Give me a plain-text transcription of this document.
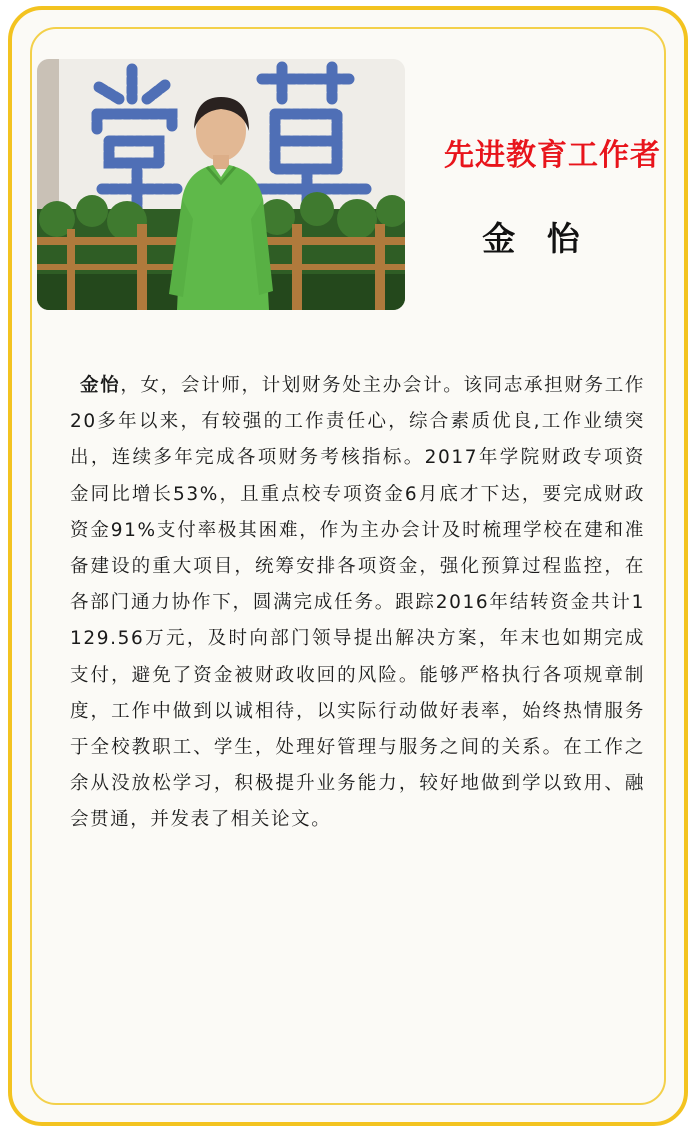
先进教育工作者
金 怡

金怡，女，会计师，计划财务处主办会计。该同志承担财务工作20多年以来，有较强的工作责任心，综合素质优良,工作业绩突出，连续多年完成各项财务考核指标。2017年学院财政专项资金同比增长53%，且重点校专项资金6月底才下达，要完成财政资金91%支付率极其困难，作为主办会计及时梳理学校在建和准备建设的重大项目，统筹安排各项资金，强化预算过程监控，在各部门通力协作下，圆满完成任务。跟踪2016年结转资金共计1129.56万元，及时向部门领导提出解决方案，年末也如期完成支付，避免了资金被财政收回的风险。能够严格执行各项规章制度，工作中做到以诚相待，以实际行动做好表率，始终热情服务于全校教职工、学生，处理好管理与服务之间的关系。在工作之余从没放松学习，积极提升业务能力，较好地做到学以致用、融会贯通，并发表了相关论文。
